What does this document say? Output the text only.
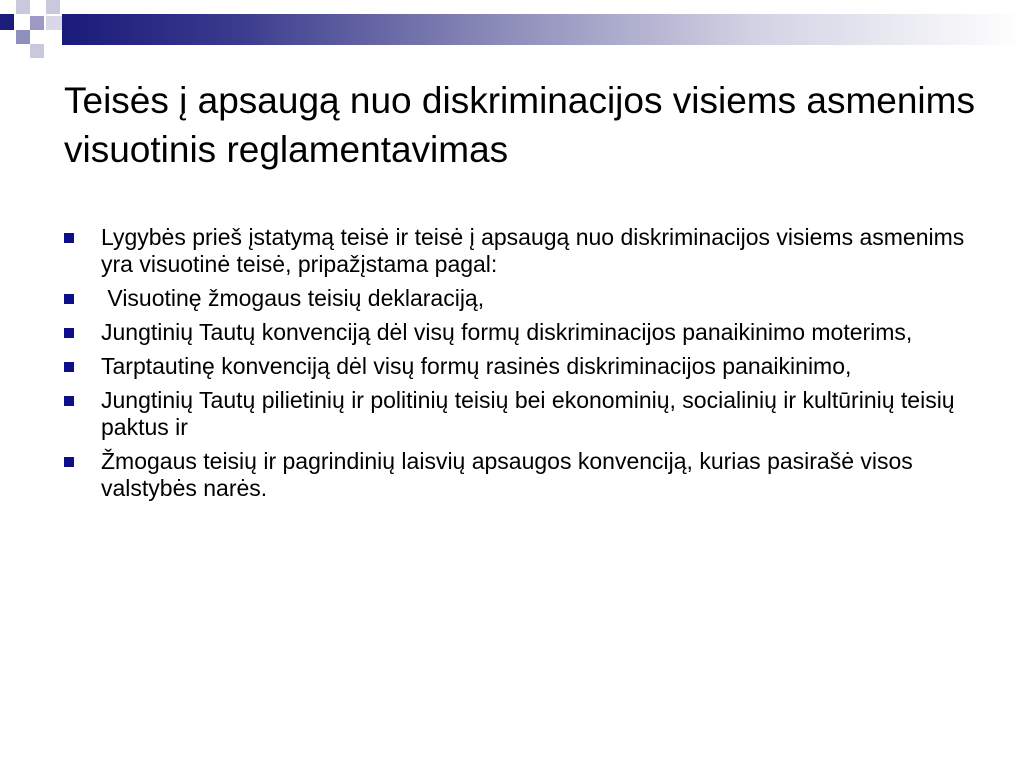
Teisės į apsaugą nuo diskriminacijos visiems asmenims visuotinis reglamentavimas
Lygybės prieš įstatymą teisė ir teisė į apsaugą nuo diskriminacijos visiems asmenims yra visuotinė teisė, pripažįstama pagal:
Visuotinę žmogaus teisių deklaraciją,
Jungtinių Tautų konvenciją dėl visų formų diskriminacijos panaikinimo moterims,
Tarptautinę konvenciją dėl visų formų rasinės diskriminacijos panaikinimo,
Jungtinių Tautų pilietinių ir politinių teisių bei ekonominių, socialinių ir kultūrinių teisių paktus ir
Žmogaus teisių ir pagrindinių laisvių apsaugos konvenciją, kurias pasirašė visos valstybės narės.
